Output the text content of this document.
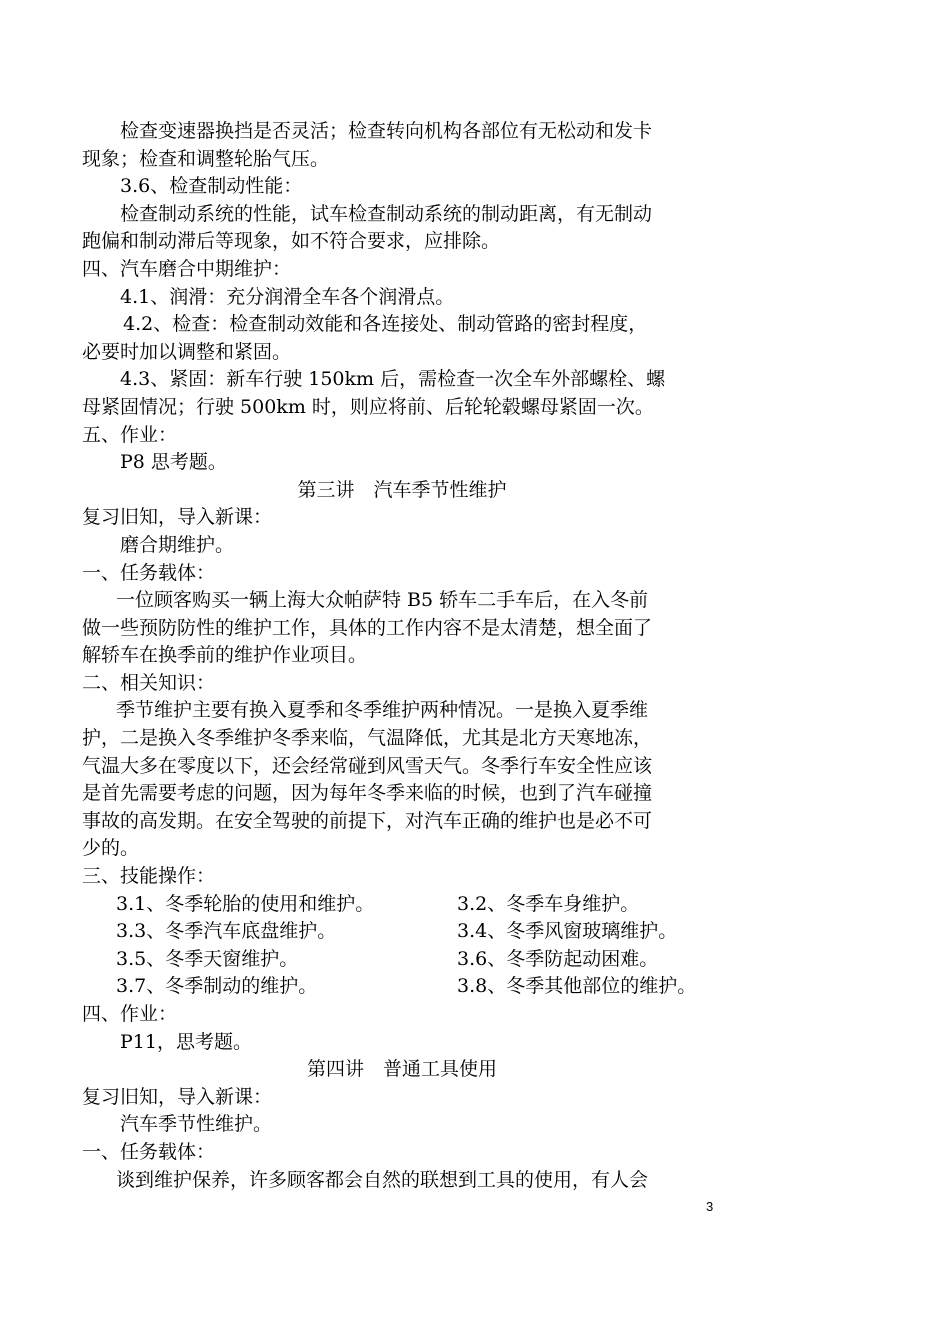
检查变速器换挡是否灵活；检查转向机构各部位有无松动和发卡
现象；检查和调整轮胎气压。
3.6、检查制动性能：
检查制动系统的性能，试车检查制动系统的制动距离，有无制动
跑偏和制动滞后等现象，如不符合要求，应排除。
四、汽车磨合中期维护：
4.1、润滑：充分润滑全车各个润滑点。
4.2、检查：检查制动效能和各连接处、制动管路的密封程度，
必要时加以调整和紧固。
4.3、紧固：新车行驶 150km 后，需检查一次全车外部螺栓、螺
母紧固情况；行驶 500km 时，则应将前、后轮轮毂螺母紧固一次。
五、作业：
P8 思考题。
第三讲　汽车季节性维护
复习旧知，导入新课：
磨合期维护。
一、任务载体：
一位顾客购买一辆上海大众帕萨特 B5 轿车二手车后，在入冬前
做一些预防防性的维护工作，具体的工作内容不是太清楚，想全面了
解轿车在换季前的维护作业项目。
二、相关知识：
季节维护主要有换入夏季和冬季维护两种情况。一是换入夏季维
护，二是换入冬季维护冬季来临，气温降低，尤其是北方天寒地冻，
气温大多在零度以下，还会经常碰到风雪天气。冬季行车安全性应该
是首先需要考虑的问题，因为每年冬季来临的时候，也到了汽车碰撞
事故的高发期。在安全驾驶的前提下，对汽车正确的维护也是必不可
少的。
三、技能操作：
3.1、冬季轮胎的使用和维护。	3.2、冬季车身维护。
3.3、冬季汽车底盘维护。	3.4、冬季风窗玻璃维护。
3.5、冬季天窗维护。	3.6、冬季防起动困难。
3.7、冬季制动的维护。	3.8、冬季其他部位的维护。
四、作业：
P11，思考题。
第四讲　普通工具使用
复习旧知，导入新课：
汽车季节性维护。
一、任务载体：
谈到维护保养，许多顾客都会自然的联想到工具的使用，有人会
3
